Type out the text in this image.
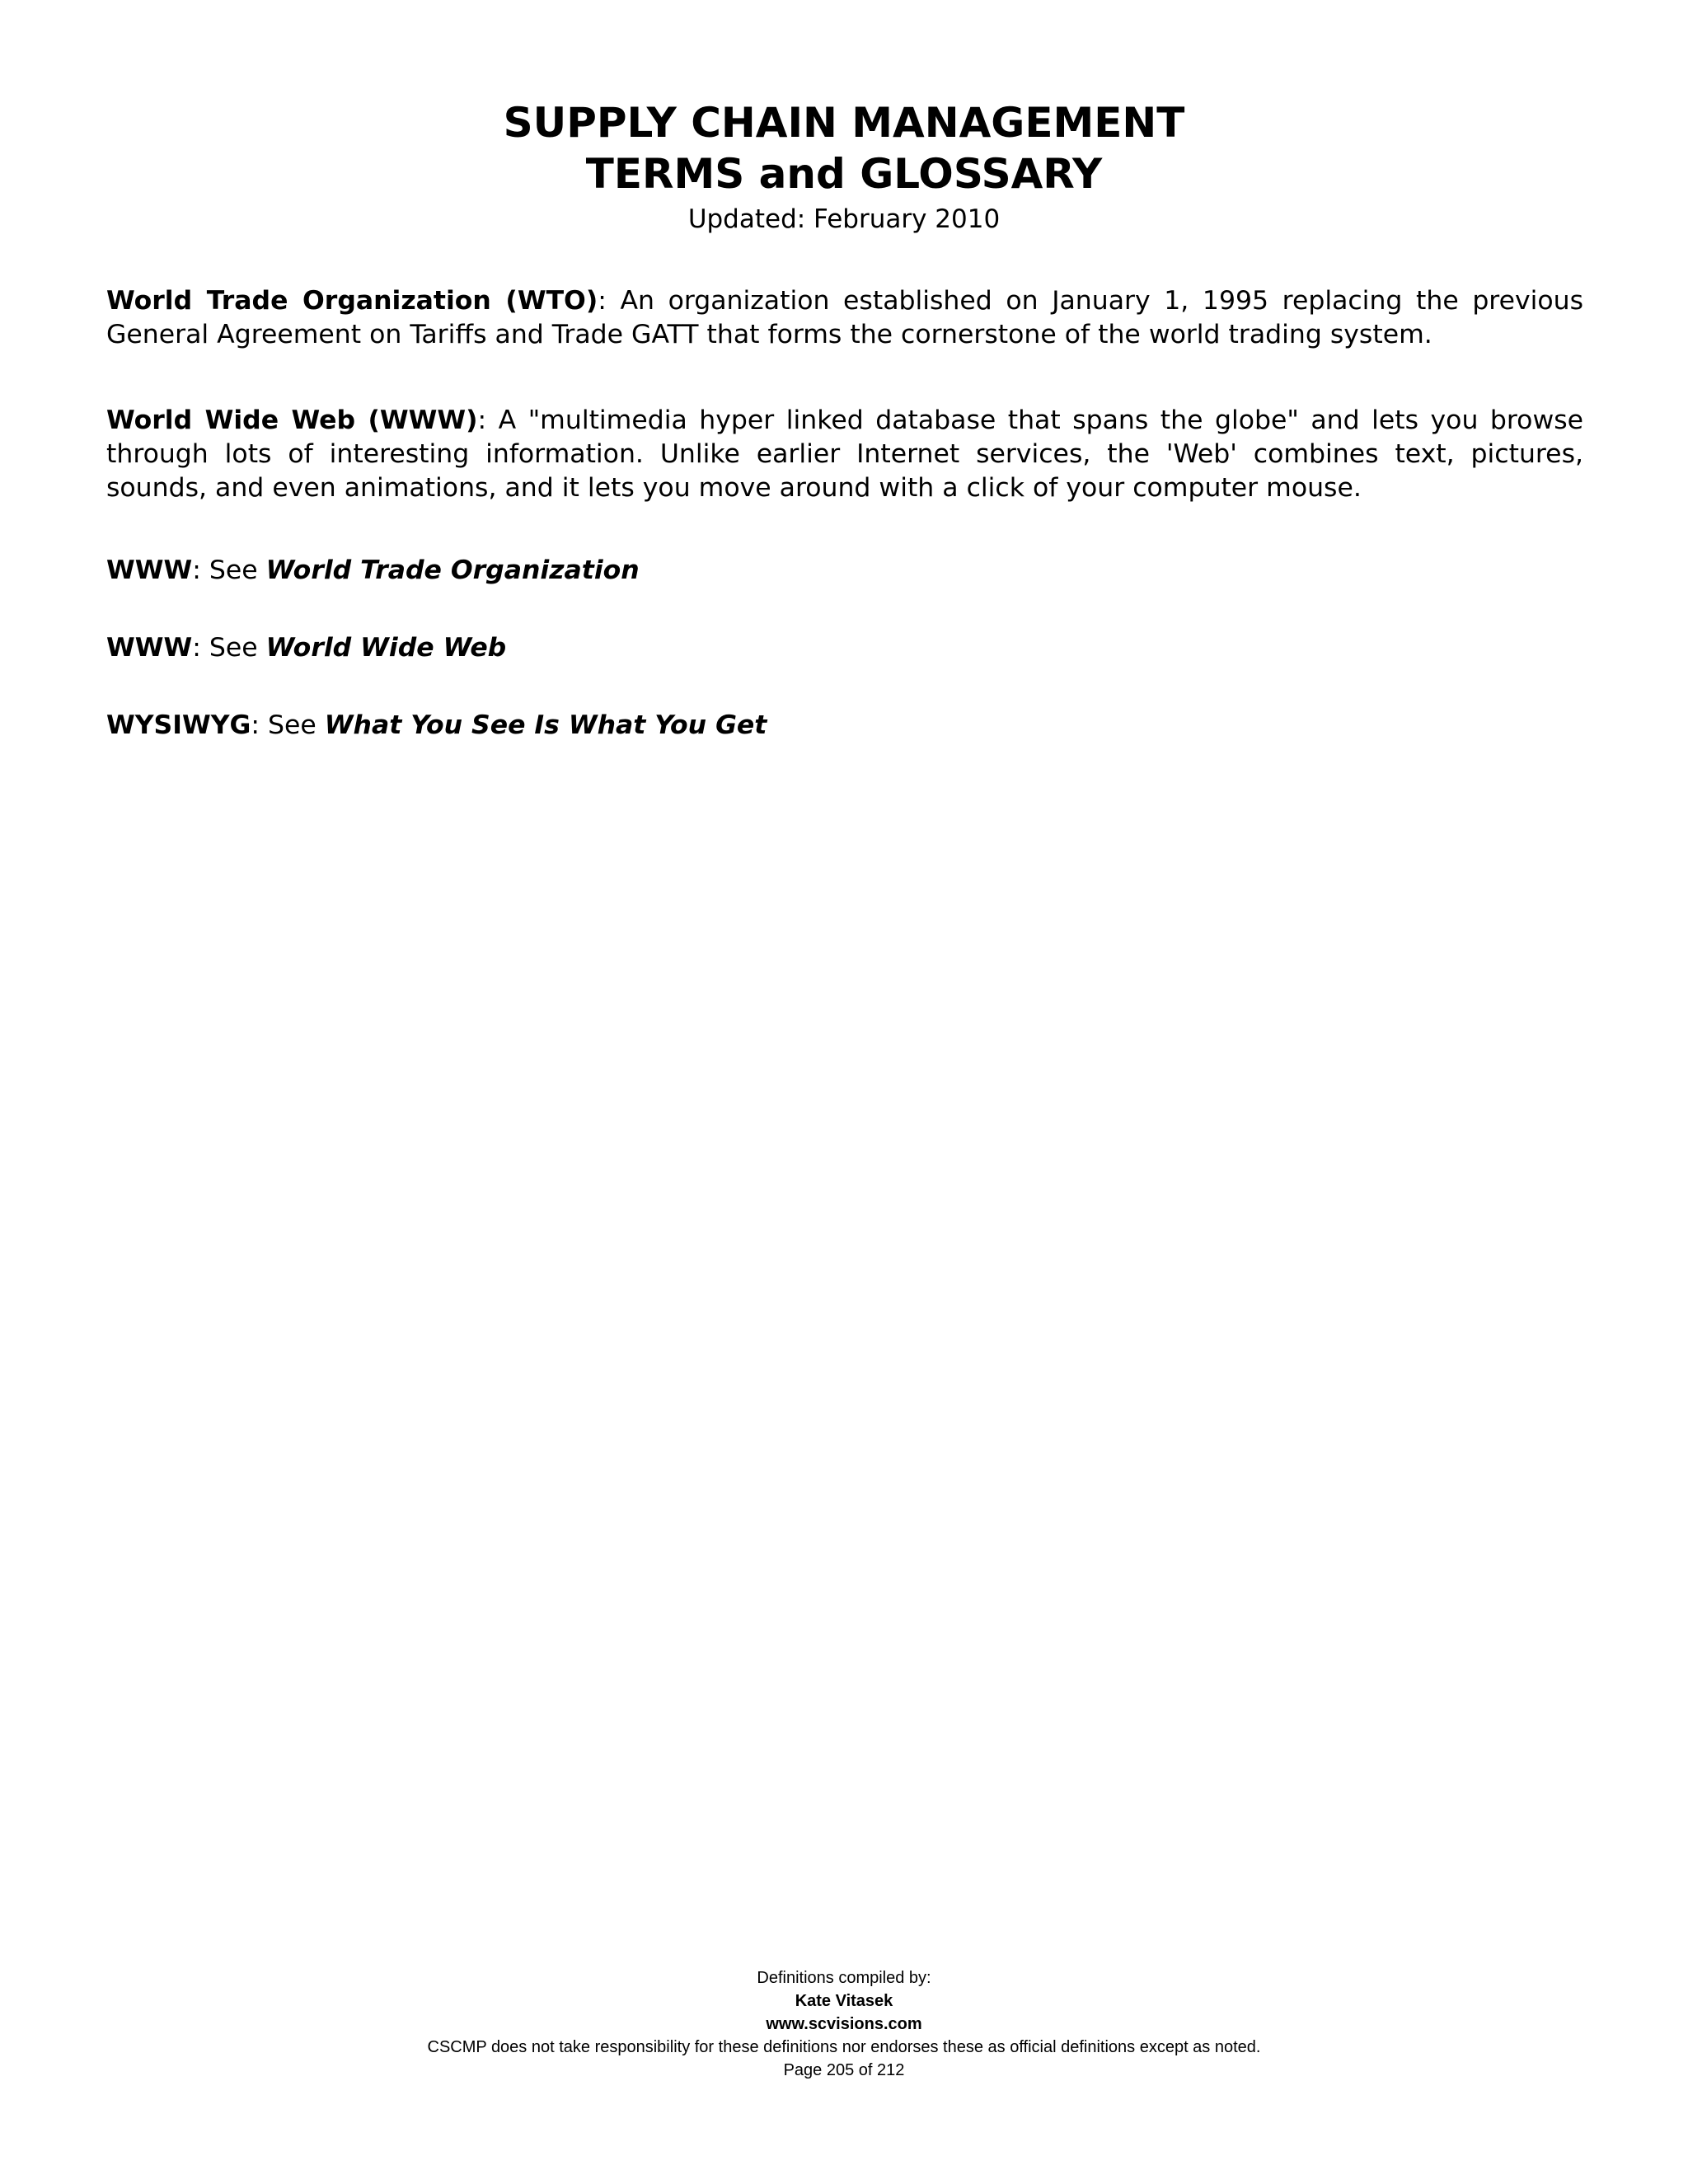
SUPPLY CHAIN MANAGEMENT
TERMS and GLOSSARY
Updated: February 2010

World Trade Organization (WTO): An organization established on January 1, 1995 replacing the previous General Agreement on Tariffs and Trade GATT that forms the cornerstone of the world trading system.

World Wide Web (WWW): A "multimedia hyper linked database that spans the globe" and lets you browse through lots of interesting information. Unlike earlier Internet services, the 'Web' combines text, pictures, sounds, and even animations, and it lets you move around with a click of your computer mouse.

WWW: See World Trade Organization

WWW: See World Wide Web

WYSIWYG: See What You See Is What You Get

Definitions compiled by:
Kate Vitasek
www.scvisions.com
CSCMP does not take responsibility for these definitions nor endorses these as official definitions except as noted.
Page 205 of 212
